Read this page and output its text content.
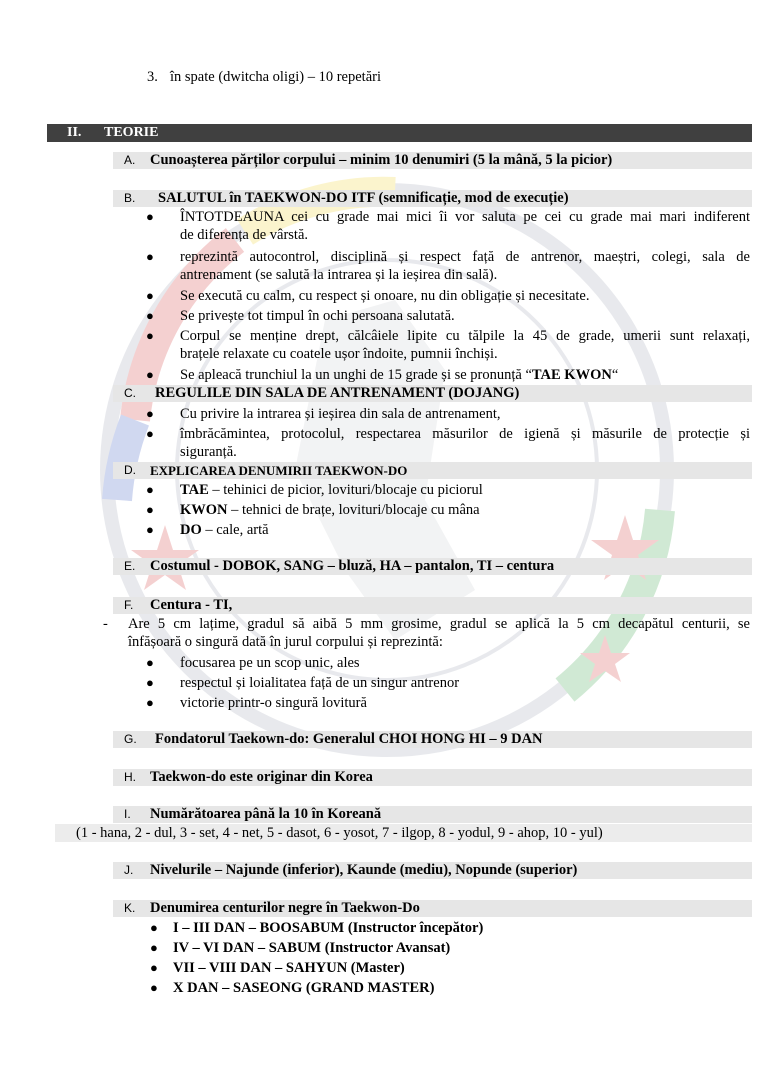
3. în spate (dwitcha oligi) – 10 repetări
II. TEORIE
A. Cunoașterea părților corpului – minim 10 denumiri (5 la mână, 5 la picior)
B. SALUTUL în TAEKWON-DO ITF (semnificație, mod de execuție)
● ÎNTOTDEAUNA cei cu grade mai mici îi vor saluta pe cei cu grade mai mari indiferent
de diferența de vârstă.
● reprezintă autocontrol, disciplină și respect față de antrenor, maeștri, colegi, sala de
antrenament (se salută la intrarea și la ieșirea din sală).
● Se execută cu calm, cu respect și onoare, nu din obligație și necesitate.
● Se privește tot timpul în ochi persoana salutată.
● Corpul se menține drept, călcâiele lipite cu tălpile la 45 de grade, umerii sunt relaxați,
brațele relaxate cu coatele ușor îndoite, pumnii închiși.
● Se apleacă trunchiul la un unghi de 15 grade și se pronunță “TAE KWON“
C. REGULILE DIN SALA DE ANTRENAMENT (DOJANG)
● Cu privire la intrarea și ieșirea din sala de antrenament,
● îmbrăcămintea, protocolul, respectarea măsurilor de igienă și măsurile de protecție și
siguranță.
D. EXPLICAREA DENUMIRII TAEKWON-DO
● TAE – tehinici de picior, lovituri/blocaje cu piciorul
● KWON – tehnici de brațe, lovituri/blocaje cu mâna
● DO – cale, artă
E. Costumul - DOBOK, SANG – bluză, HA – pantalon, TI – centura
F. Centura - TI,
- Are 5 cm lațime, gradul să aibă 5 mm grosime, gradul se aplică la 5 cm decapătul centurii, se
înfășoară o singură dată în jurul corpului și reprezintă:
● focusarea pe un scop unic, ales
● respectul și loialitatea față de un singur antrenor
● victorie printr-o singură lovitură
G. Fondatorul Taekown-do: Generalul CHOI HONG HI – 9 DAN
H. Taekwon-do este originar din Korea
I. Numărătoarea până la 10 în Koreană
(1 - hana, 2 - dul, 3 - set, 4 - net, 5 - dasot, 6 - yosot, 7 - ilgop, 8 - yodul, 9 - ahop, 10 - yul)
J. Nivelurile – Najunde (inferior), Kaunde (mediu), Nopunde (superior)
K. Denumirea centurilor negre în Taekwon-Do
● I – III DAN – BOOSABUM (Instructor începător)
● IV – VI DAN – SABUM (Instructor Avansat)
● VII – VIII DAN – SAHYUN (Master)
● X DAN – SASEONG (GRAND MASTER)
